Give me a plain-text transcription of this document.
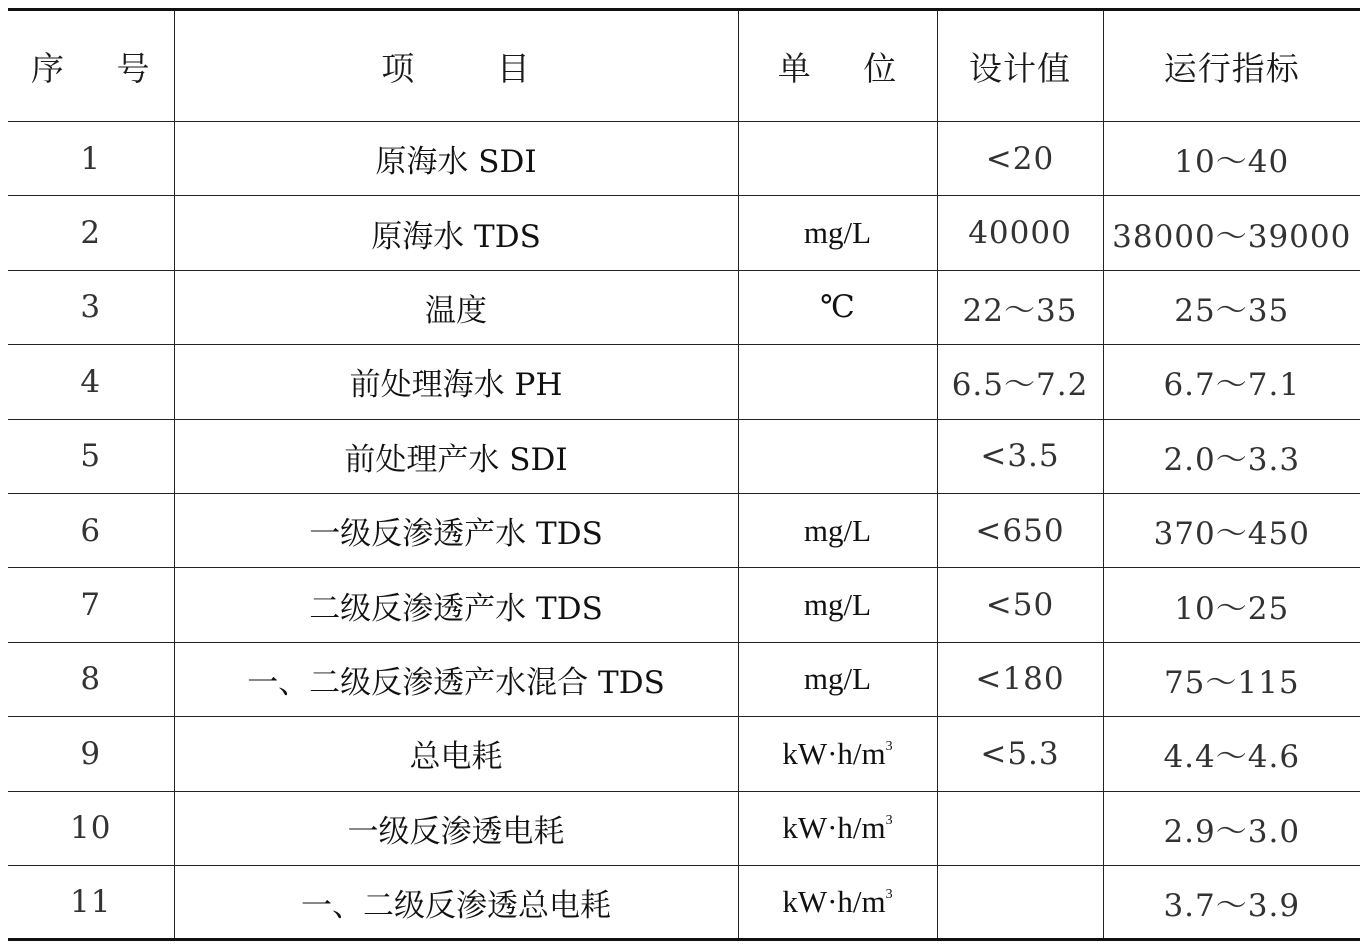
序 号	项 目	单 位	设计值	运行指标
1	原海水 SDI		<20	10～40
2	原海水 TDS	mg/L	40000	38000～39000
3	温度	℃	22～35	25～35
4	前处理海水 PH		6.5～7.2	6.7～7.1
5	前处理产水 SDI		<3.5	2.0～3.3
6	一级反渗透产水 TDS	mg/L	<650	370～450
7	二级反渗透产水 TDS	mg/L	<50	10～25
8	一、二级反渗透产水混合 TDS	mg/L	<180	75～115
9	总电耗	$kW\cdot h/m^3$	<5.3	4.4～4.6
10	一级反渗透电耗	$kW\cdot h/m^3$		2.9～3.0
11	一、二级反渗透总电耗	$kW\cdot h/m^3$		3.7～3.9
